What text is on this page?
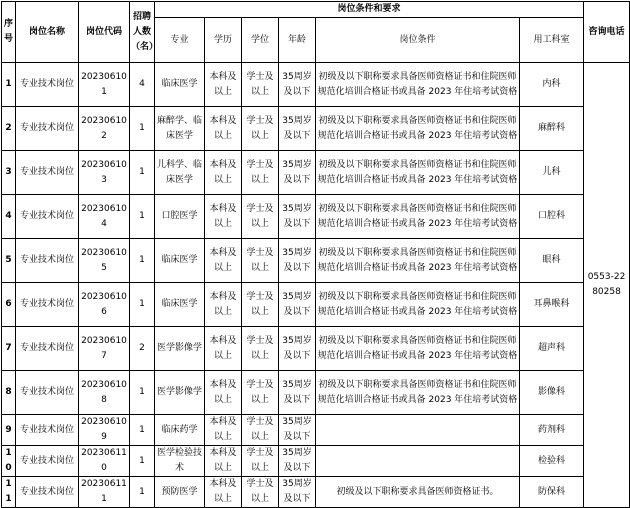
序号	岗位名称	岗位代码	招聘人数（名）	岗位条件和要求						咨询电话
				专业	学历	学位	年龄	岗位条件	用工科室	
1	专业技术岗位	202306101	4	临床医学	本科及以上	学士及以上	35周岁及以下	初级及以下职称要求具备医师资格证书和住院医师规范化培训合格证书或具备 2023 年住培考试资格	内科	0553-2280258
2	专业技术岗位	202306102	1	麻醉学、临床医学	本科及以上	学士及以上	35周岁及以下	初级及以下职称要求具备医师资格证书和住院医师规范化培训合格证书或具备 2023 年住培考试资格	麻醉科	
3	专业技术岗位	202306103	1	儿科学、临床医学	本科及以上	学士及以上	35周岁及以下	初级及以下职称要求具备医师资格证书和住院医师规范化培训合格证书或具备 2023 年住培考试资格	儿科	
4	专业技术岗位	202306104	1	口腔医学	本科及以上	学士及以上	35周岁及以下	初级及以下职称要求具备医师资格证书和住院医师规范化培训合格证书或具备 2023 年住培考试资格	口腔科	
5	专业技术岗位	202306105	1	临床医学	本科及以上	学士及以上	35周岁及以下	初级及以下职称要求具备医师资格证书和住院医师规范化培训合格证书或具备 2023 年住培考试资格	眼科	
6	专业技术岗位	202306106	1	临床医学	本科及以上	学士及以上	35周岁及以下	初级及以下职称要求具备医师资格证书和住院医师规范化培训合格证书或具备 2023 年住培考试资格	耳鼻喉科	
7	专业技术岗位	202306107	2	医学影像学	本科及以上	学士及以上	35周岁及以下	初级及以下职称要求具备医师资格证书和住院医师规范化培训合格证书或具备 2023 年住培考试资格	超声科	
8	专业技术岗位	202306108	1	医学影像学	本科及以上	学士及以上	35周岁及以下	初级及以下职称要求具备医师资格证书和住院医师规范化培训合格证书或具备 2023 年住培考试资格	影像科	
9	专业技术岗位	202306109	1	临床药学	本科及以上	学士及以上	35周岁及以下		药剂科	
10	专业技术岗位	202306110	1	医学检验技术	本科及以上	学士及以上	35周岁及以下		检验科	
11	专业技术岗位	202306111	1	预防医学	本科及以上	学士及以上	35周岁及以下	初级及以下职称要求具备医师资格证书。	防保科	
